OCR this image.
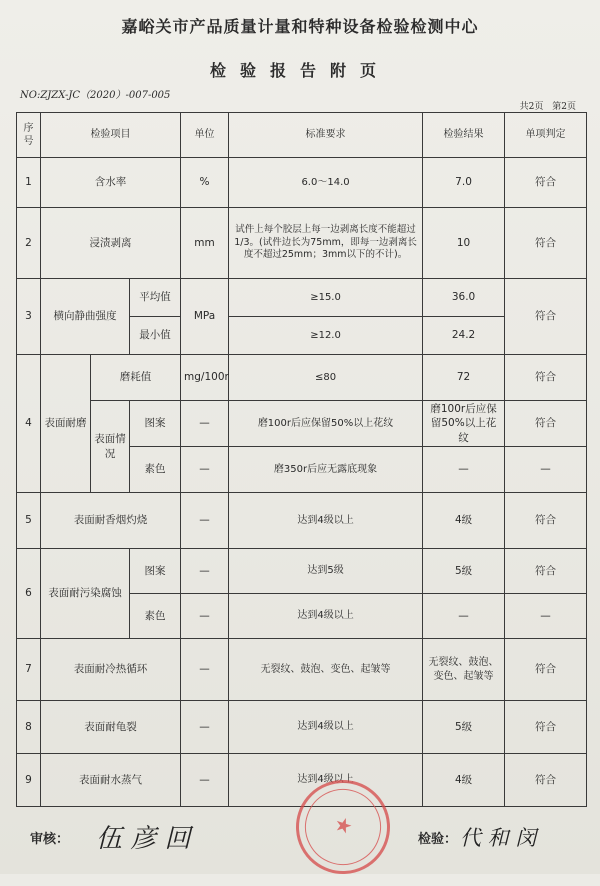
嘉峪关市产品质量计量和特种设备检验检测中心
检验报告附页
NO:ZJZX-JC（2020）-007-005
共2页 第2页
序号	检验项目			单位	标准要求	检验结果	单项判定
1	含水率			%	6.0～14.0	7.0	符合
2	浸渍剥离			mm	试件上每个胶层上每一边剥离长度不能超过1/3。(试件边长为75mm，即每一边剥离长度不超过25mm；3mm以下的不计)。	10	符合
3	横向静曲强度		平均值	MPa	≥15.0	36.0	符合
			最小值		≥12.0	24.2	
4	表面耐磨	磨耗值		mg/100r	≤80	72	符合
		表面情况	图案	—	磨100r后应保留50%以上花纹	磨100r后应保留50%以上花纹	符合
			素色	—	磨350r后应无露底现象	—	—
5	表面耐香烟灼烧			—	达到4级以上	4级	符合
6	表面耐污染腐蚀		图案	—	达到5级	5级	符合
			素色	—	达到4级以上	—	—
7	表面耐冷热循环			—	无裂纹、鼓泡、变色、起皱等	无裂纹、鼓泡、变色、起皱等	符合
8	表面耐龟裂			—	达到4级以上	5级	符合
9	表面耐水蒸气			—	达到4级以上	4级	符合
★
审核： 伍 彦 回	检验： 代 和 闵
